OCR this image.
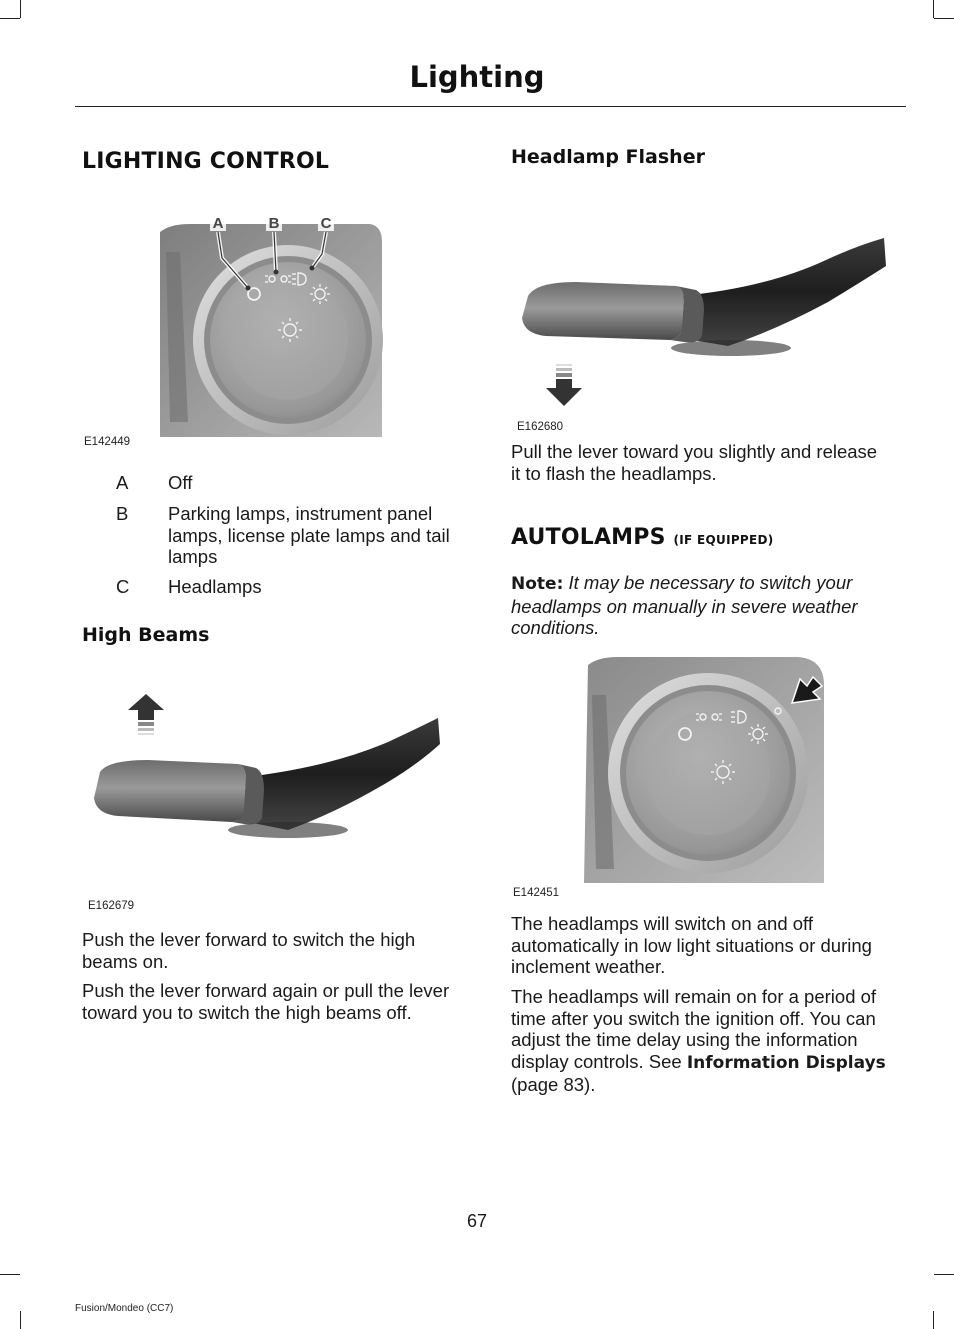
Lighting
LIGHTING CONTROL
A	B	C
E142449
A Off
B Parking lamps, instrument panel lamps, license plate lamps and tail lamps
C Headlamps
High Beams
E162679

Push the lever forward to switch the high beams on.

Push the lever forward again or pull the lever toward you to switch the high beams off.

Headlamp Flasher
E162680

Pull the lever toward you slightly and release it to flash the headlamps.

AUTOLAMPS (IF EQUIPPED)

Note: It may be necessary to switch your headlamps on manually in severe weather conditions.

E142451

The headlamps will switch on and off automatically in low light situations or during inclement weather.

The headlamps will remain on for a period of time after you switch the ignition off. You can adjust the time delay using the information display controls. See Information Displays (page 83).

67
Fusion/Mondeo (CC7)
